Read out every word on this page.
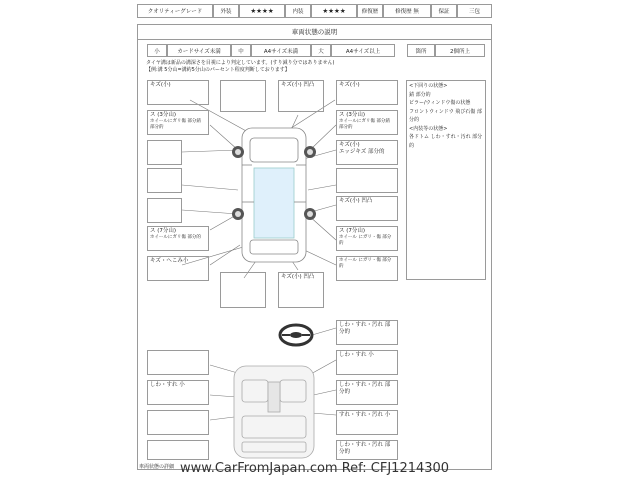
クオリティーグレード	外装	★★★★	内装	★★★★	修復歴	修復歴 無	保証	三包
車両状態の説明
小	カードサイズ未満	中	A4サイズ未満	大	A4サイズ以上	箇所	2個所上
タイヤ溝は新品の溝深さを目視により判定しています。(すり減り分ではありません)
【例:溝 5分山=溝約5分山のパーセント程度判断しております】
キズ(小)
ス (3分山)
ホイールにガリ傷 部分錆 部分的
ス (7分山)
ホイールにガリ傷 部分的
キズ・へこみ小
しわ・すれ 小
キズ(小) 凹凸
キズ(小) 凹凸
キズ(小)
ス (3分山)
ホイールにガリ傷 部分錆 部分的
キズ(小)
エッジキズ 部分的
キズ(小) 凹凸
ス (7分山)
ホイール にガリ・傷 部分的
ホイール にガリ・傷 部分的
しわ・すれ・汚れ 部分的
しわ・すれ 小
しわ・すれ・汚れ 部分的
すれ・すれ・汚れ 小
しわ・すれ・汚れ 部分的
<下回りの状態>
錆 部分的
ピラー/ウィンドウ傷の状態
フロントウィンドウ 飛び石傷 部分的
<内装等の状態>
各ドトム しわ・すれ・汚れ 部分的
車両状態の詳細 www.CarFromJapan.com Ref: CFJ1214300
